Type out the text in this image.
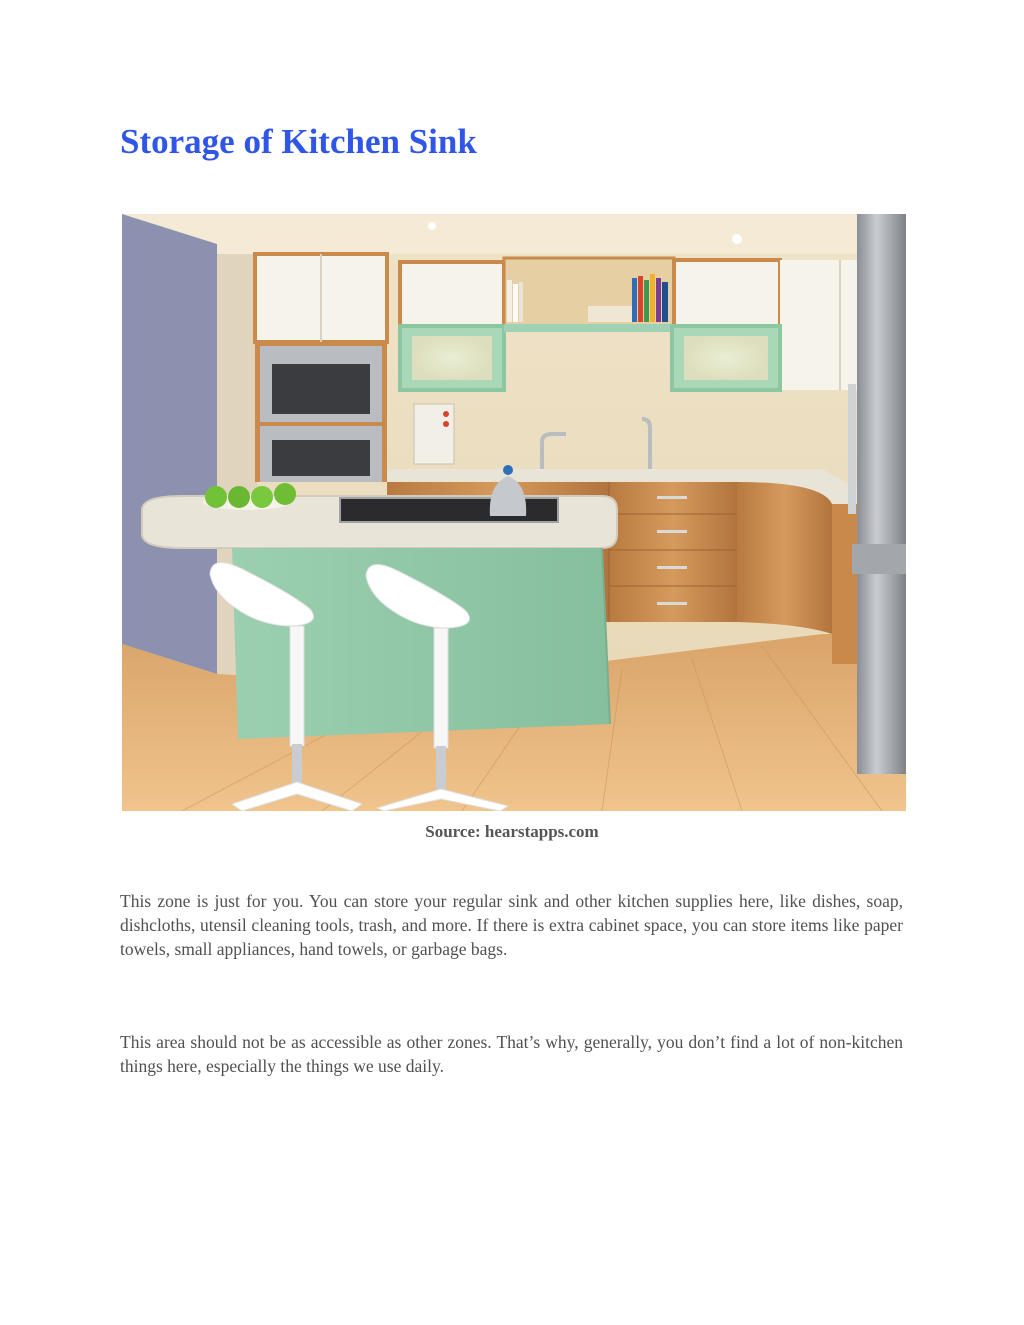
Storage of Kitchen Sink
Source: hearstapps.com

This zone is just for you. You can store your regular sink and other kitchen supplies here, like dishes, soap, dishcloths, utensil cleaning tools, trash, and more. If there is extra cabinet space, you can store items like paper towels, small appliances, hand towels, or garbage bags.

This area should not be as accessible as other zones. That’s why, generally, you don’t find a lot of non-kitchen things here, especially the things we use daily.
